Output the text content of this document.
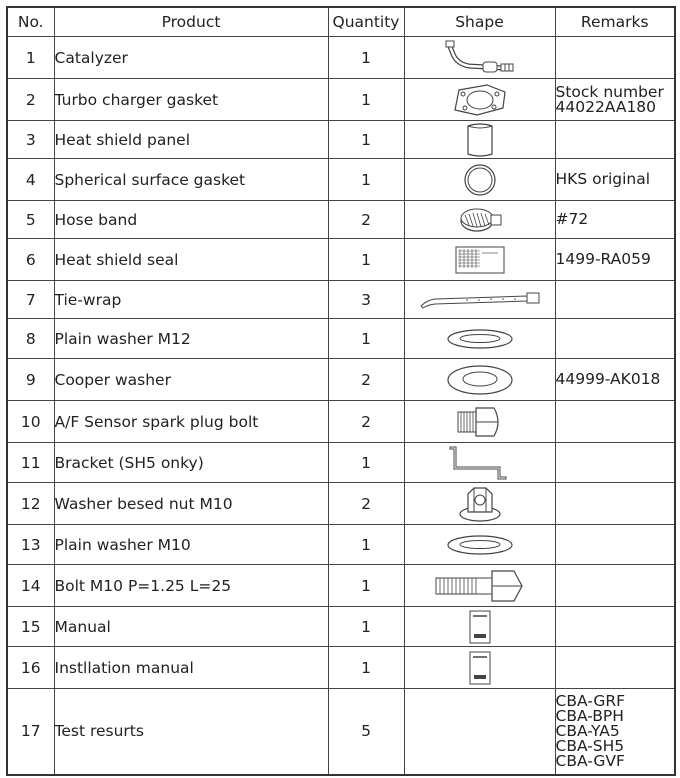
No.	Product	Quantity	Shape	Remarks
1	Catalyzer	1	

2	Turbo charger gasket	1		Stock number
44022AA180

3	Heat shield panel	1	

4	Spherical surface gasket	1		HKS original

5	Hose band	2		#72

6	Heat shield seal	1		1499-RA059

7	Tie-wrap	3	

8	Plain washer M12	1	

9	Cooper washer	2		44999-AK018

10	A/F Sensor spark plug bolt	2	

11	Bracket (SH5 onky)	1	

12	Washer besed nut M10	2	

13	Plain washer M10	1	

14	Bolt M10 P=1.25 L=25	1	

15	Manual	1	

16	Instllation manual	1	

17	Test resurts	5		CBA-GRF
CBA-BPH
CBA-YA5
CBA-SH5
CBA-GVF
